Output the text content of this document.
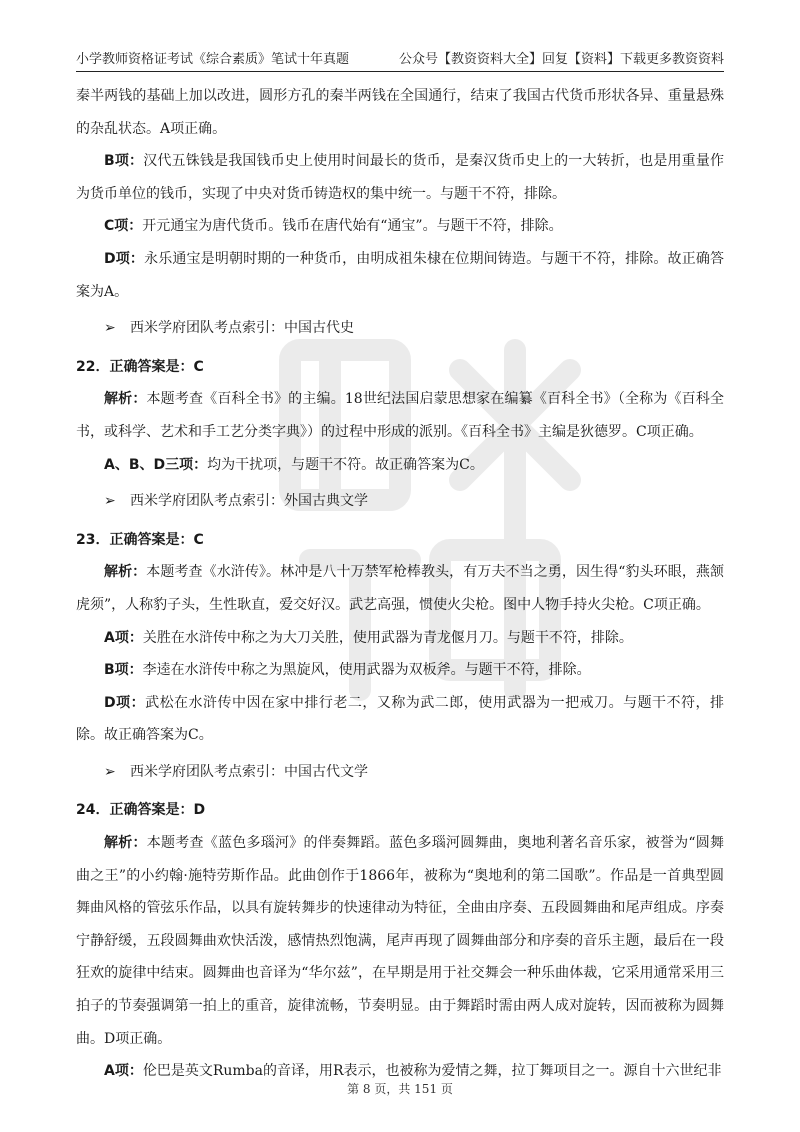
小学教师资格证考试《综合素质》笔试十年真题	公众号【教资资料大全】回复【资料】下载更多教资资料

秦半两钱的基础上加以改进，圆形方孔的秦半两钱在全国通行，结束了我国古代货币形状各异、重量悬殊的杂乱状态。A项正确。

B项：汉代五铢钱是我国钱币史上使用时间最长的货币，是秦汉货币史上的一大转折，也是用重量作为货币单位的钱币，实现了中央对货币铸造权的集中统一。与题干不符，排除。

C项：开元通宝为唐代货币。钱币在唐代始有“通宝”。与题干不符，排除。

D项：永乐通宝是明朝时期的一种货币，由明成祖朱棣在位期间铸造。与题干不符，排除。故正确答案为A。

➢	西米学府团队考点索引：中国古代史

22．正确答案是：C

解析：本题考查《百科全书》的主编。18世纪法国启蒙思想家在编纂《百科全书》（全称为《百科全书，或科学、艺术和手工艺分类字典》）的过程中形成的派别。《百科全书》主编是狄德罗。C项正确。

A、B、D三项：均为干扰项，与题干不符。故正确答案为C。

➢	西米学府团队考点索引：外国古典文学

23．正确答案是：C

解析：本题考查《水浒传》。林冲是八十万禁军枪棒教头，有万夫不当之勇，因生得“豹头环眼，燕颔虎须”，人称豹子头，生性耿直，爱交好汉。武艺高强，惯使火尖枪。图中人物手持火尖枪。C项正确。

A项：关胜在水浒传中称之为大刀关胜，使用武器为青龙偃月刀。与题干不符，排除。

B项：李逵在水浒传中称之为黑旋风，使用武器为双板斧。与题干不符，排除。

D项：武松在水浒传中因在家中排行老二，又称为武二郎，使用武器为一把戒刀。与题干不符，排除。故正确答案为C。

➢	西米学府团队考点索引：中国古代文学

24．正确答案是：D

解析：本题考查《蓝色多瑙河》的伴奏舞蹈。蓝色多瑙河圆舞曲，奥地利著名音乐家，被誉为“圆舞曲之王”的小约翰·施特劳斯作品。此曲创作于1866年，被称为“奥地利的第二国歌”。作品是一首典型圆舞曲风格的管弦乐作品，以具有旋转舞步的快速律动为特征，全曲由序奏、五段圆舞曲和尾声组成。序奏宁静舒缓，五段圆舞曲欢快活泼，感情热烈饱满，尾声再现了圆舞曲部分和序奏的音乐主题，最后在一段狂欢的旋律中结束。圆舞曲也音译为“华尔兹”，在早期是用于社交舞会一种乐曲体裁，它采用通常采用三拍子的节奏强调第一拍上的重音，旋律流畅，节奏明显。由于舞蹈时需由两人成对旋转，因而被称为圆舞曲。D项正确。

A项：伦巴是英文Rumba的音译，用R表示，也被称为爱情之舞，拉丁舞项目之一。源自十六世纪非

第 8 页，共 151 页
